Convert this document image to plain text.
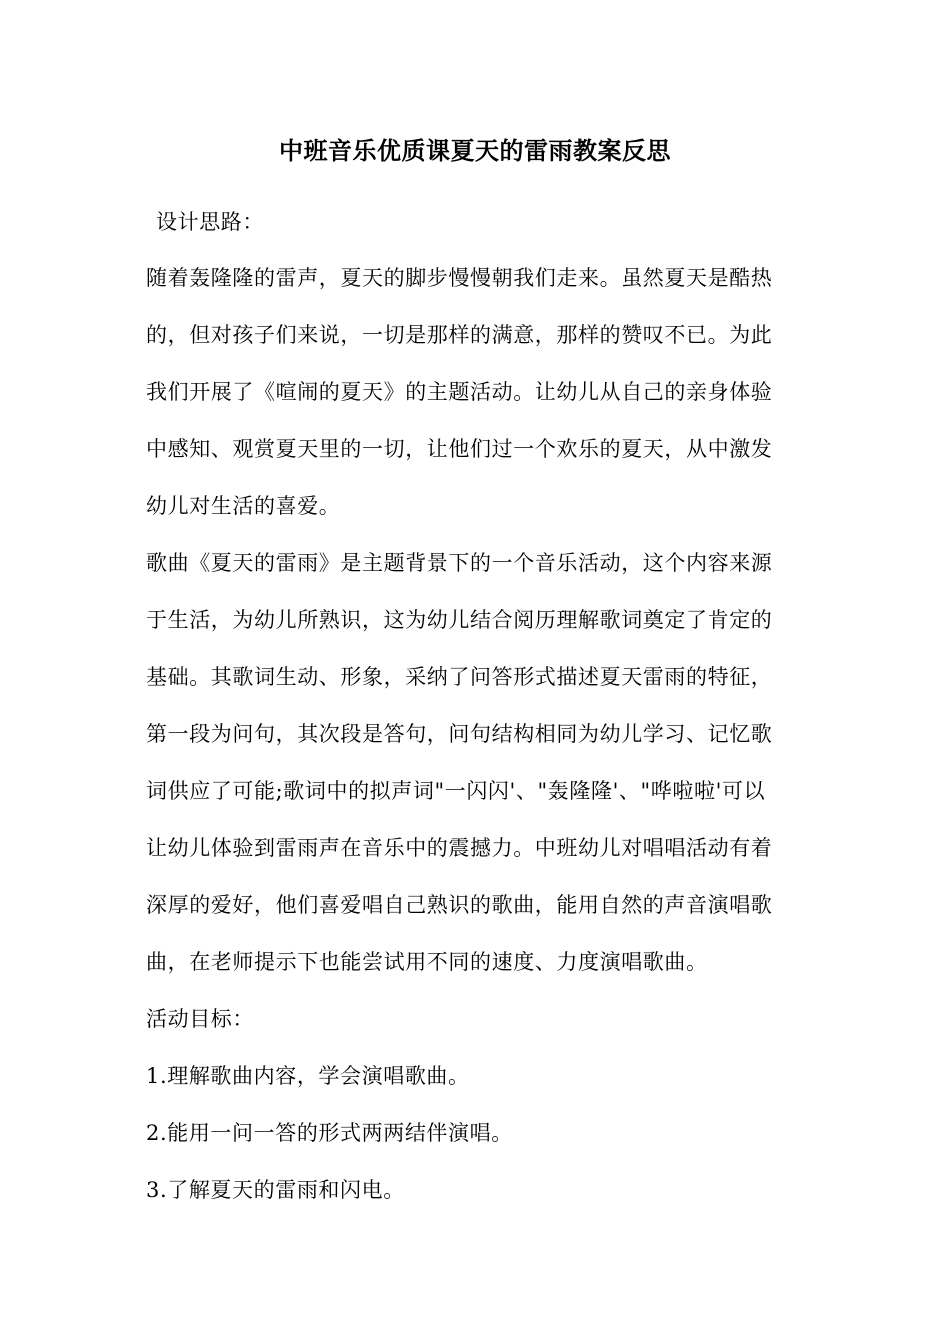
中班音乐优质课夏天的雷雨教案反思
设计思路：
随着轰隆隆的雷声，夏天的脚步慢慢朝我们走来。虽然夏天是酷热
的，但对孩子们来说，一切是那样的满意，那样的赞叹不已。为此
我们开展了《喧闹的夏天》的主题活动。让幼儿从自己的亲身体验
中感知、观赏夏天里的一切，让他们过一个欢乐的夏天，从中激发
幼儿对生活的喜爱。
歌曲《夏天的雷雨》是主题背景下的一个音乐活动，这个内容来源
于生活，为幼儿所熟识，这为幼儿结合阅历理解歌词奠定了肯定的
基础。其歌词生动、形象，采纳了问答形式描述夏天雷雨的特征，
第一段为问句，其次段是答句，问句结构相同为幼儿学习、记忆歌
词供应了可能;歌词中的拟声词"一闪闪'、"轰隆隆'、"哗啦啦'可以
让幼儿体验到雷雨声在音乐中的震撼力。中班幼儿对唱唱活动有着
深厚的爱好，他们喜爱唱自己熟识的歌曲，能用自然的声音演唱歌
曲，在老师提示下也能尝试用不同的速度、力度演唱歌曲。
活动目标：
1.理解歌曲内容，学会演唱歌曲。
2.能用一问一答的形式两两结伴演唱。
3.了解夏天的雷雨和闪电。
